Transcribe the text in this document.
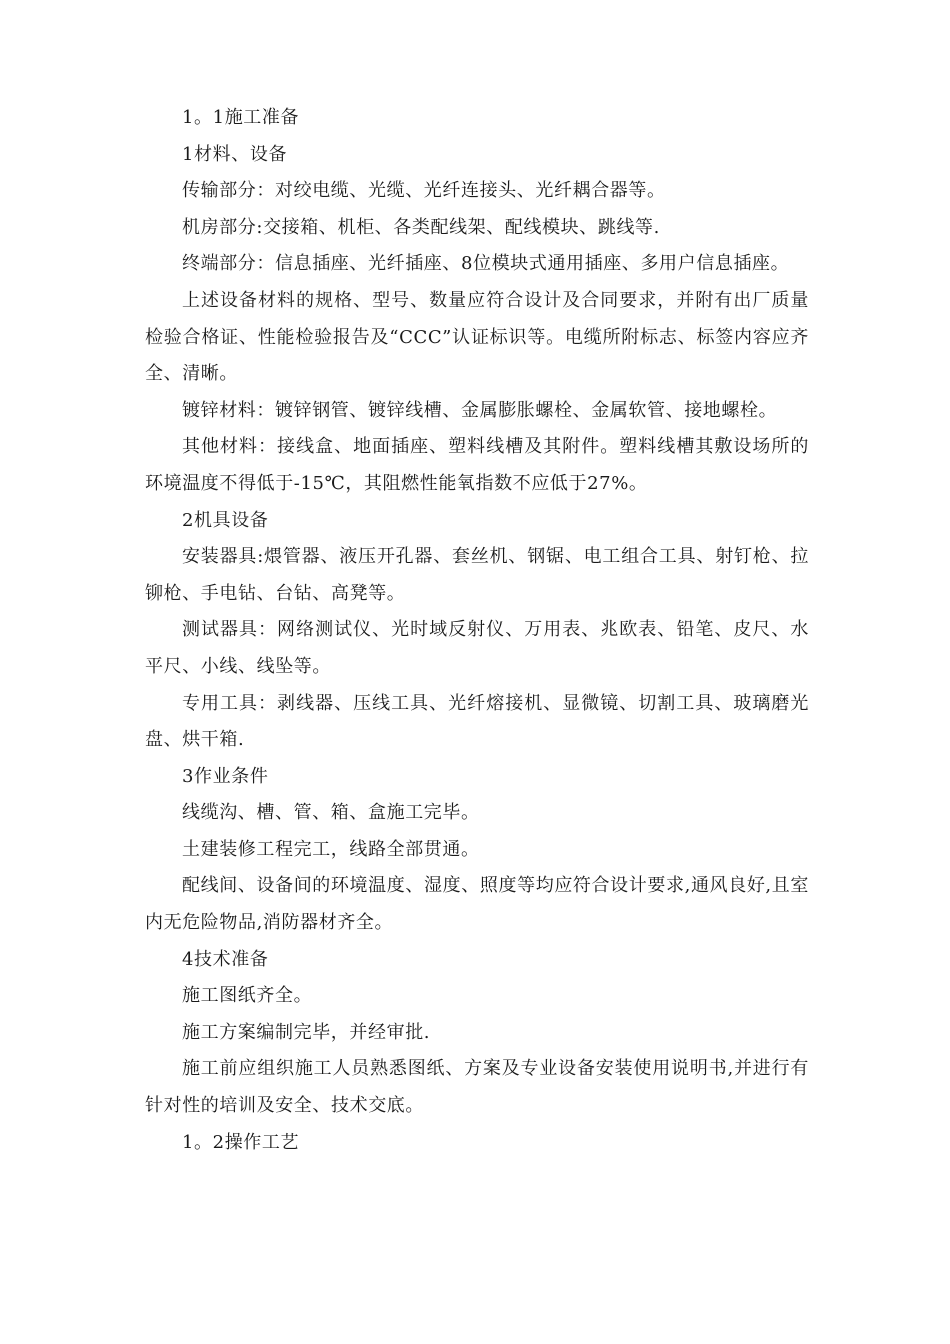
1。1施工准备

1材料、设备

传输部分：对绞电缆、光缆、光纤连接头、光纤耦合器等。

机房部分:交接箱、机柜、各类配线架、配线模块、跳线等.

终端部分：信息插座、光纤插座、8位模块式通用插座、多用户信息插座。

上述设备材料的规格、型号、数量应符合设计及合同要求，并附有出厂质量检验合格证、性能检验报告及“CCC”认证标识等。电缆所附标志、标签内容应齐全、清晰。

镀锌材料：镀锌钢管、镀锌线槽、金属膨胀螺栓、金属软管、接地螺栓。

其他材料：接线盒、地面插座、塑料线槽及其附件。塑料线槽其敷设场所的环境温度不得低于-15℃，其阻燃性能氧指数不应低于27%。

2机具设备

安装器具:煨管器、液压开孔器、套丝机、钢锯、电工组合工具、射钉枪、拉铆枪、手电钻、台钻、高凳等。

测试器具：网络测试仪、光时域反射仪、万用表、兆欧表、铅笔、皮尺、水平尺、小线、线坠等。

专用工具：剥线器、压线工具、光纤熔接机、显微镜、切割工具、玻璃磨光盘、烘干箱.

3作业条件

线缆沟、槽、管、箱、盒施工完毕。

土建装修工程完工，线路全部贯通。

配线间、设备间的环境温度、湿度、照度等均应符合设计要求,通风良好,且室内无危险物品,消防器材齐全。

4技术准备

施工图纸齐全。

施工方案编制完毕，并经审批.

施工前应组织施工人员熟悉图纸、方案及专业设备安装使用说明书,并进行有针对性的培训及安全、技术交底。

1。2操作工艺
